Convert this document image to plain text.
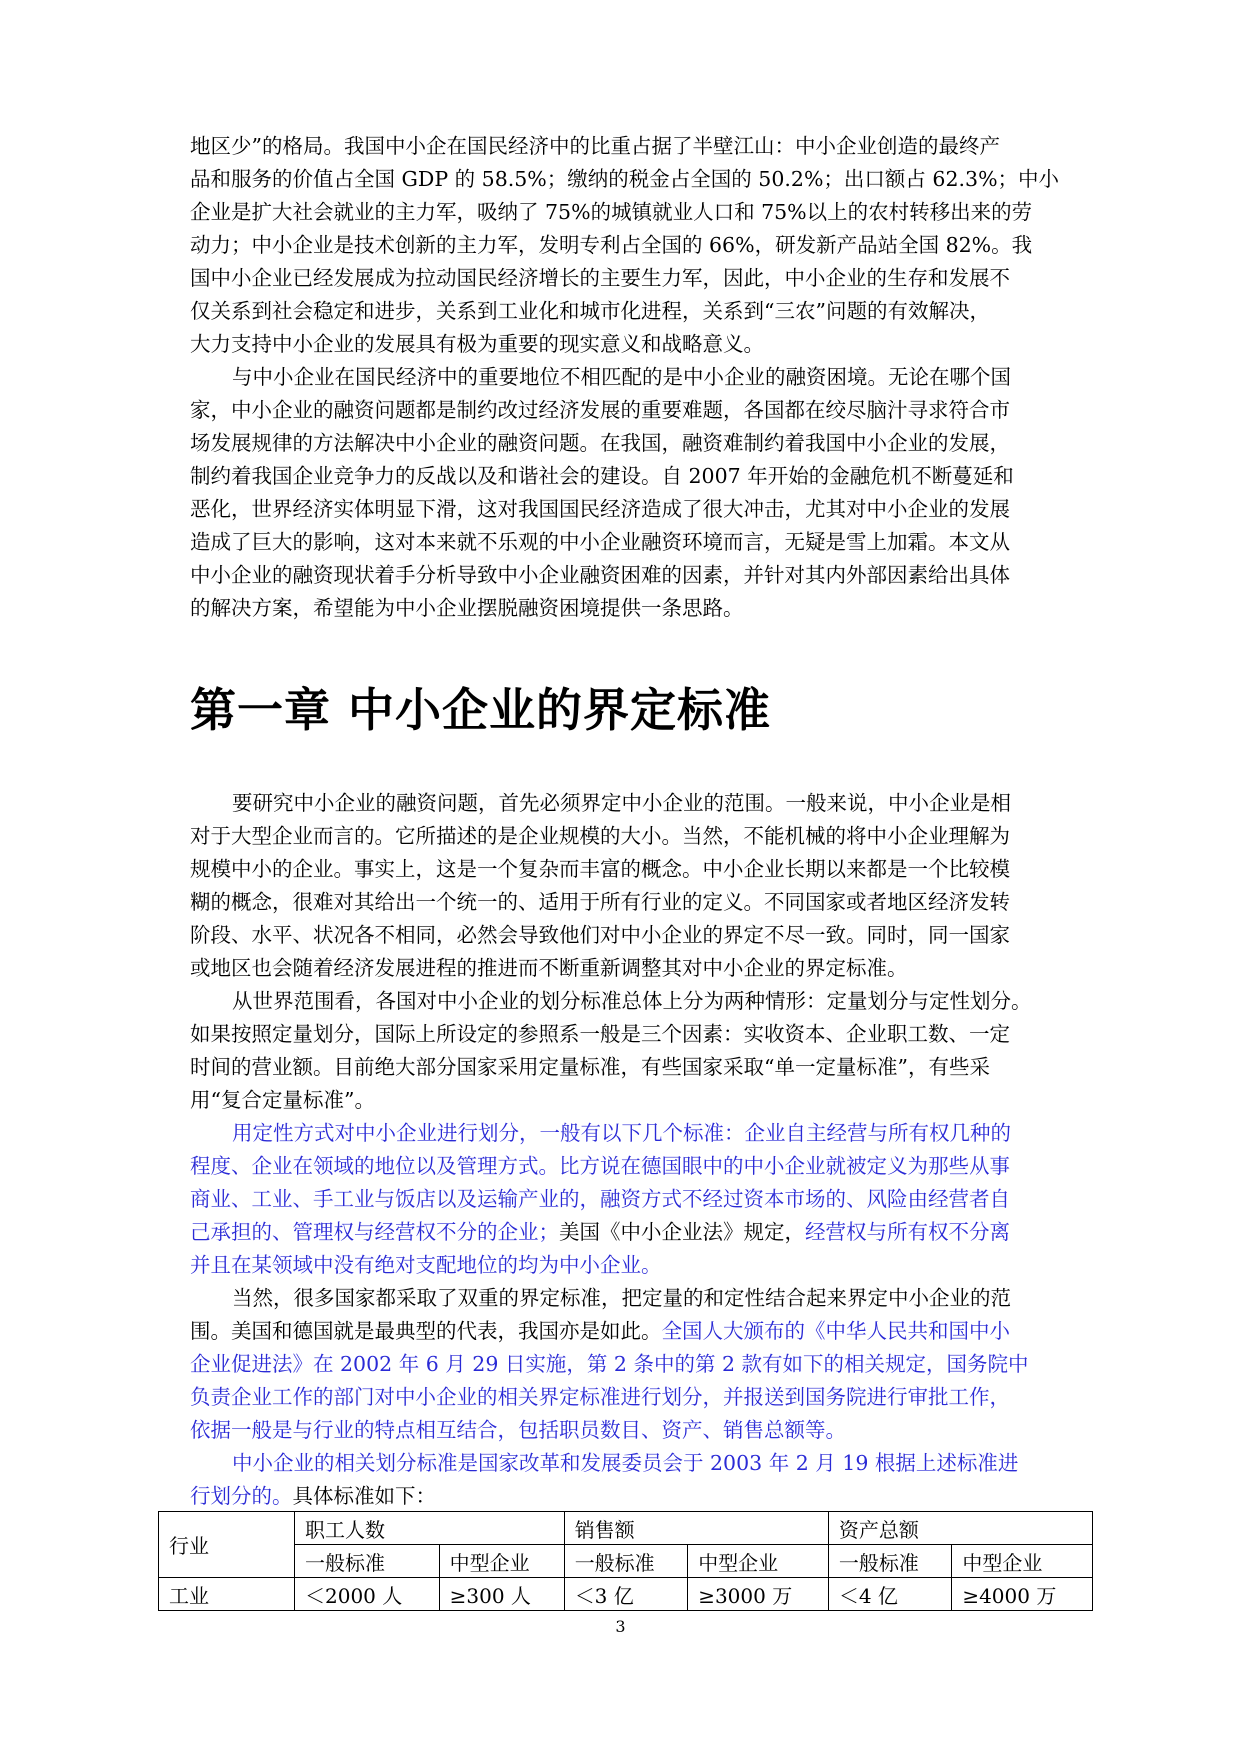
地区少”的格局。我国中小企在国民经济中的比重占据了半壁江山：中小企业创造的最终产
品和服务的价值占全国 GDP 的 58.5%；缴纳的税金占全国的 50.2%；出口额占 62.3%；中小
企业是扩大社会就业的主力军，吸纳了 75%的城镇就业人口和 75%以上的农村转移出来的劳
动力；中小企业是技术创新的主力军，发明专利占全国的 66%，研发新产品站全国 82%。我
国中小企业已经发展成为拉动国民经济增长的主要生力军，因此，中小企业的生存和发展不
仅关系到社会稳定和进步，关系到工业化和城市化进程，关系到“三农”问题的有效解决，
大力支持中小企业的发展具有极为重要的现实意义和战略意义。
与中小企业在国民经济中的重要地位不相匹配的是中小企业的融资困境。无论在哪个国
家，中小企业的融资问题都是制约改过经济发展的重要难题，各国都在绞尽脑汁寻求符合市
场发展规律的方法解决中小企业的融资问题。在我国，融资难制约着我国中小企业的发展，
制约着我国企业竞争力的反战以及和谐社会的建设。自 2007 年开始的金融危机不断蔓延和
恶化，世界经济实体明显下滑，这对我国国民经济造成了很大冲击，尤其对中小企业的发展
造成了巨大的影响，这对本来就不乐观的中小企业融资环境而言，无疑是雪上加霜。本文从
中小企业的融资现状着手分析导致中小企业融资困难的因素，并针对其内外部因素给出具体
的解决方案，希望能为中小企业摆脱融资困境提供一条思路。
第一章 中小企业的界定标准
要研究中小企业的融资问题，首先必须界定中小企业的范围。一般来说，中小企业是相
对于大型企业而言的。它所描述的是企业规模的大小。当然，不能机械的将中小企业理解为
规模中小的企业。事实上，这是一个复杂而丰富的概念。中小企业长期以来都是一个比较模
糊的概念，很难对其给出一个统一的、适用于所有行业的定义。不同国家或者地区经济发转
阶段、水平、状况各不相同，必然会导致他们对中小企业的界定不尽一致。同时，同一国家
或地区也会随着经济发展进程的推进而不断重新调整其对中小企业的界定标准。
从世界范围看，各国对中小企业的划分标准总体上分为两种情形：定量划分与定性划分。
如果按照定量划分，国际上所设定的参照系一般是三个因素：实收资本、企业职工数、一定
时间的营业额。目前绝大部分国家采用定量标准，有些国家采取“单一定量标准”，有些采
用“复合定量标准”。
用定性方式对中小企业进行划分，一般有以下几个标准：企业自主经营与所有权几种的
程度、企业在领域的地位以及管理方式。比方说在德国眼中的中小企业就被定义为那些从事
商业、工业、手工业与饭店以及运输产业的，融资方式不经过资本市场的、风险由经营者自
己承担的、管理权与经营权不分的企业；美国《中小企业法》规定，经营权与所有权不分离
并且在某领域中没有绝对支配地位的均为中小企业。
当然，很多国家都采取了双重的界定标准，把定量的和定性结合起来界定中小企业的范
围。美国和德国就是最典型的代表，我国亦是如此。全国人大颁布的《中华人民共和国中小
企业促进法》在 2002 年 6 月 29 日实施，第 2 条中的第 2 款有如下的相关规定，国务院中
负责企业工作的部门对中小企业的相关界定标准进行划分，并报送到国务院进行审批工作，
依据一般是与行业的特点相互结合，包括职员数目、资产、销售总额等。
中小企业的相关划分标准是国家改革和发展委员会于 2003 年 2 月 19 根据上述标准进
行划分的。具体标准如下：
行业	职工人数		销售额		资产总额	
	一般标准	中型企业	一般标准	中型企业	一般标准	中型企业
工业	＜2000 人	≥300 人	＜3 亿	≥3000 万	＜4 亿	≥4000 万
3
